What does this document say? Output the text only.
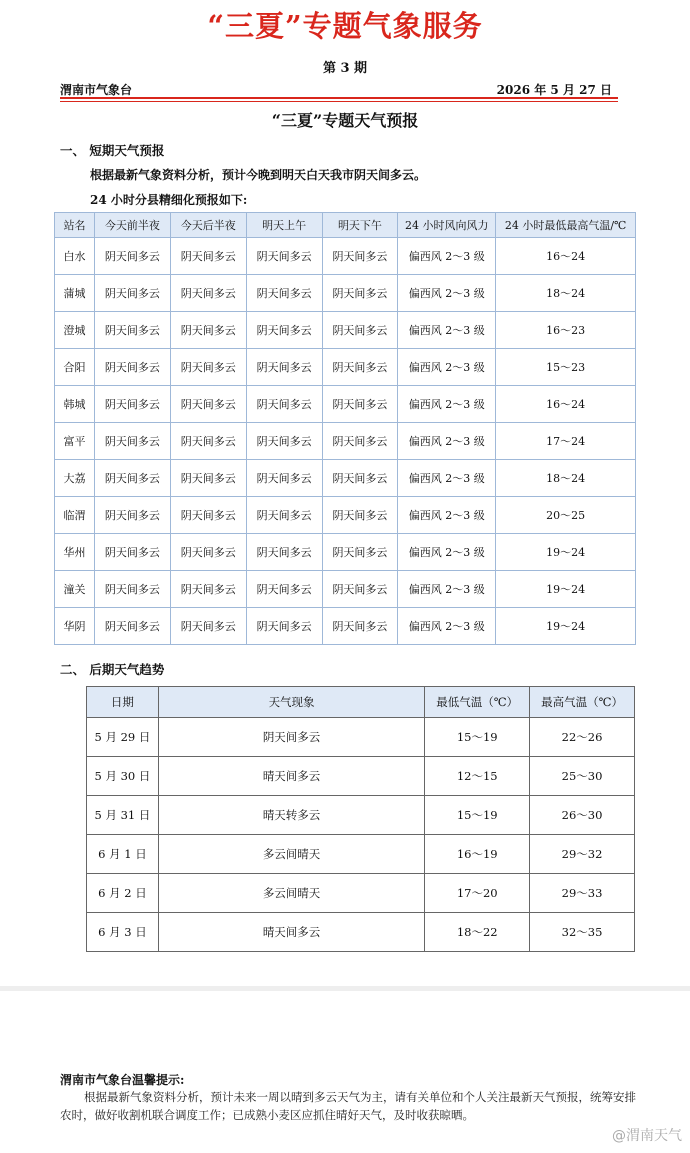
“三夏”专题气象服务
第 3 期
渭南市气象台	2026 年 5 月 27 日
“三夏”专题天气预报
一、 短期天气预报
根据最新气象资料分析，预计今晚到明天白天我市阴天间多云。
24 小时分县精细化预报如下:
站名	今天前半夜	今天后半夜	明天上午	明天下午	24 小时风向风力	24 小时最低最高气温/℃
白水	阴天间多云	阴天间多云	阴天间多云	阴天间多云	偏西风 2～3 级	16～24
蒲城	阴天间多云	阴天间多云	阴天间多云	阴天间多云	偏西风 2～3 级	18～24
澄城	阴天间多云	阴天间多云	阴天间多云	阴天间多云	偏西风 2～3 级	16～23
合阳	阴天间多云	阴天间多云	阴天间多云	阴天间多云	偏西风 2～3 级	15～23
韩城	阴天间多云	阴天间多云	阴天间多云	阴天间多云	偏西风 2～3 级	16～24
富平	阴天间多云	阴天间多云	阴天间多云	阴天间多云	偏西风 2～3 级	17～24
大荔	阴天间多云	阴天间多云	阴天间多云	阴天间多云	偏西风 2～3 级	18～24
临渭	阴天间多云	阴天间多云	阴天间多云	阴天间多云	偏西风 2～3 级	20～25
华州	阴天间多云	阴天间多云	阴天间多云	阴天间多云	偏西风 2～3 级	19～24
潼关	阴天间多云	阴天间多云	阴天间多云	阴天间多云	偏西风 2～3 级	19～24
华阴	阴天间多云	阴天间多云	阴天间多云	阴天间多云	偏西风 2～3 级	19～24
二、 后期天气趋势
日期	天气现象	最低气温（℃）	最高气温（℃）
5 月 29 日	阴天间多云	15～19	22～26
5 月 30 日	晴天间多云	12～15	25～30
5 月 31 日	晴天转多云	15～19	26～30
6 月 1 日	多云间晴天	16～19	29～32
6 月 2 日	多云间晴天	17～20	29～33
6 月 3 日	晴天间多云	18～22	32～35
渭南市气象台温馨提示:
根据最新气象资料分析，预计未来一周以晴到多云天气为主，请有关单位和个人关注最新天气预报，统筹安排农时，做好收割机联合调度工作；已成熟小麦区应抓住晴好天气，及时收获晾晒。
@渭南天气
